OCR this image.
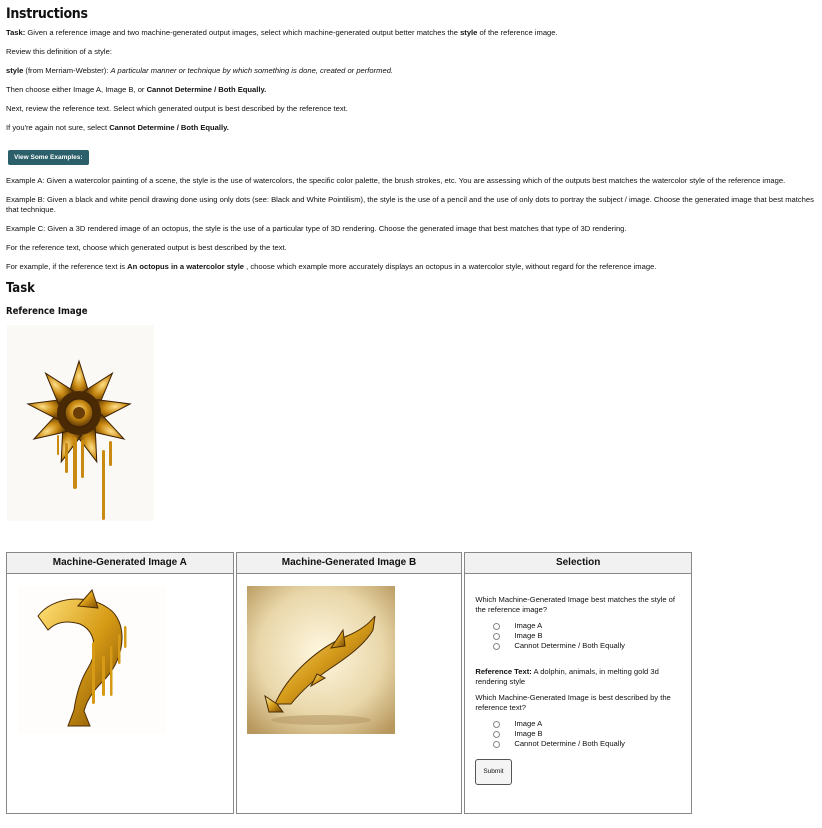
Instructions

Task: Given a reference image and two machine-generated output images, select which machine-generated output better matches the style of the reference image.

Review this definition of a style:

style (from Merriam-Webster): A particular manner or technique by which something is done, created or performed.

Then choose either Image A, Image B, or Cannot Determine / Both Equally.

Next, review the reference text. Select which generated output is best described by the reference text.

If you're again not sure, select Cannot Determine / Both Equally.

View Some Examples:

Example A: Given a watercolor painting of a scene, the style is the use of watercolors, the specific color palette, the brush strokes, etc. You are assessing which of the outputs best matches the watercolor style of the reference image.

Example B: Given a black and white pencil drawing done using only dots (see: Black and White Pointilism), the style is the use of a pencil and the use of only dots to portray the subject / image. Choose the generated image that best matches that technique.

Example C: Given a 3D rendered image of an octopus, the style is the use of a particular type of 3D rendering. Choose the generated image that best matches that type of 3D rendering.

For the reference text, choose which generated output is best described by the text.

For example, if the reference text is An octopus in a watercolor style , choose which example more accurately displays an octopus in a watercolor style, without regard for the reference image.

Task
Reference Image
Machine-Generated Image A	Machine-Generated Image B	Selection

Which Machine-Generated Image best matches the style of the reference image?

Image A
Image B
Cannot Determine / Both Equally

Reference Text: A dolphin, animals, in melting gold 3d rendering style

Which Machine-Generated Image is best described by the reference text?

Image A
Image B
Cannot Determine / Both Equally
Submit
